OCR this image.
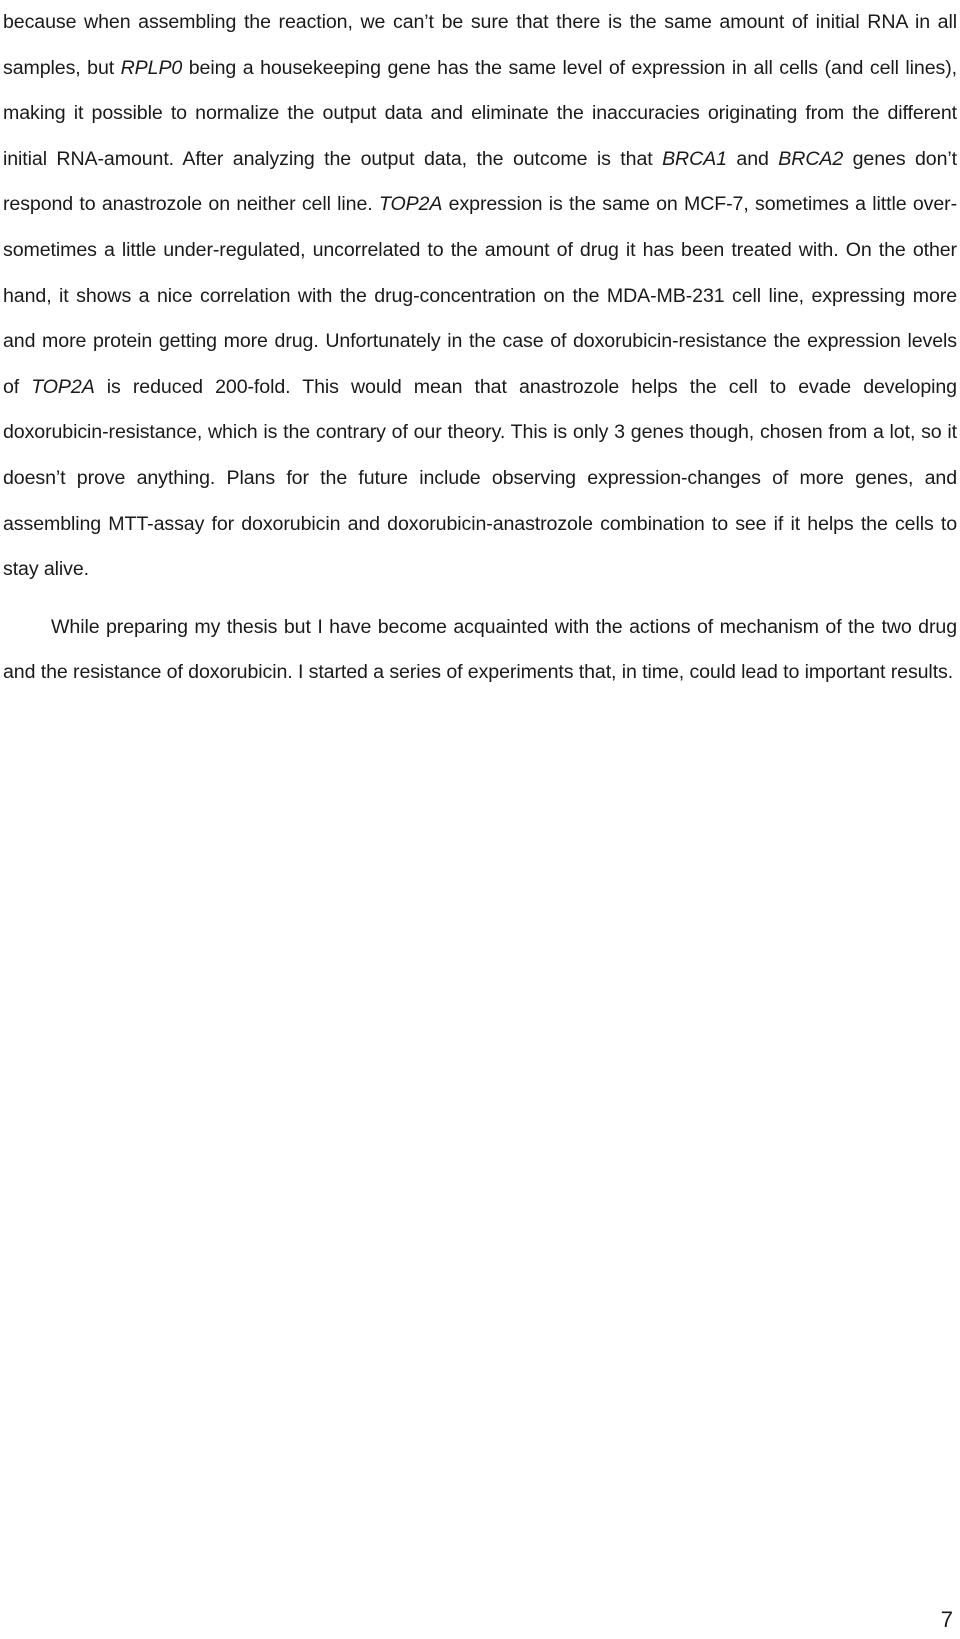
because when assembling the reaction, we can’t be sure that there is the same amount of initial RNA in all samples, but RPLP0 being a housekeeping gene has the same level of expression in all cells (and cell lines), making it possible to normalize the output data and eliminate the inaccuracies originating from the different initial RNA-amount. After analyzing the output data, the outcome is that BRCA1 and BRCA2 genes don’t respond to anastrozole on neither cell line. TOP2A expression is the same on MCF-7, sometimes a little over-sometimes a little under-regulated, uncorrelated to the amount of drug it has been treated with. On the other hand, it shows a nice correlation with the drug-concentration on the MDA-MB-231 cell line, expressing more and more protein getting more drug. Unfortunately in the case of doxorubicin-resistance the expression levels of TOP2A is reduced 200-fold. This would mean that anastrozole helps the cell to evade developing doxorubicin-resistance, which is the contrary of our theory. This is only 3 genes though, chosen from a lot, so it doesn’t prove anything. Plans for the future include observing expression-changes of more genes, and assembling MTT-assay for doxorubicin and doxorubicin-anastrozole combination to see if it helps the cells to stay alive.

While preparing my thesis but I have become acquainted with the actions of mechanism of the two drug and the resistance of doxorubicin. I started a series of experiments that, in time, could lead to important results.

7
